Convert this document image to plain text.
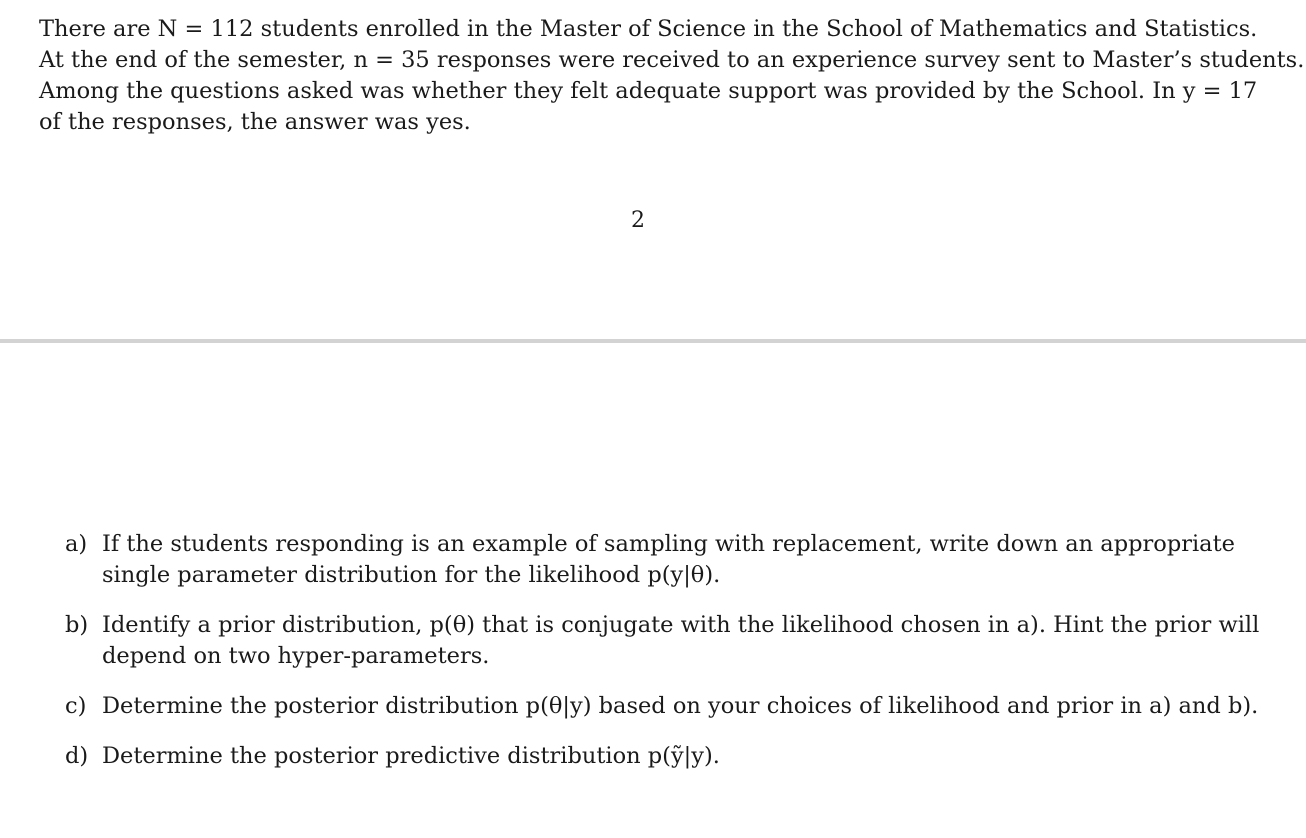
There are N = 112 students enrolled in the Master of Science in the School of Mathematics and Statistics.
At the end of the semester, n = 35 responses were received to an experience survey sent to Master’s students.
Among the questions asked was whether they felt adequate support was provided by the School. In y = 17
of the responses, the answer was yes.

2
a) If the students responding is an example of sampling with replacement, write down an appropriate
single parameter distribution for the likelihood p(y|θ).
b) Identify a prior distribution, p(θ) that is conjugate with the likelihood chosen in a). Hint the prior will
depend on two hyper-parameters.
c) Determine the posterior distribution p(θ|y) based on your choices of likelihood and prior in a) and b).
d) Determine the posterior predictive distribution p(ỹ|y).
